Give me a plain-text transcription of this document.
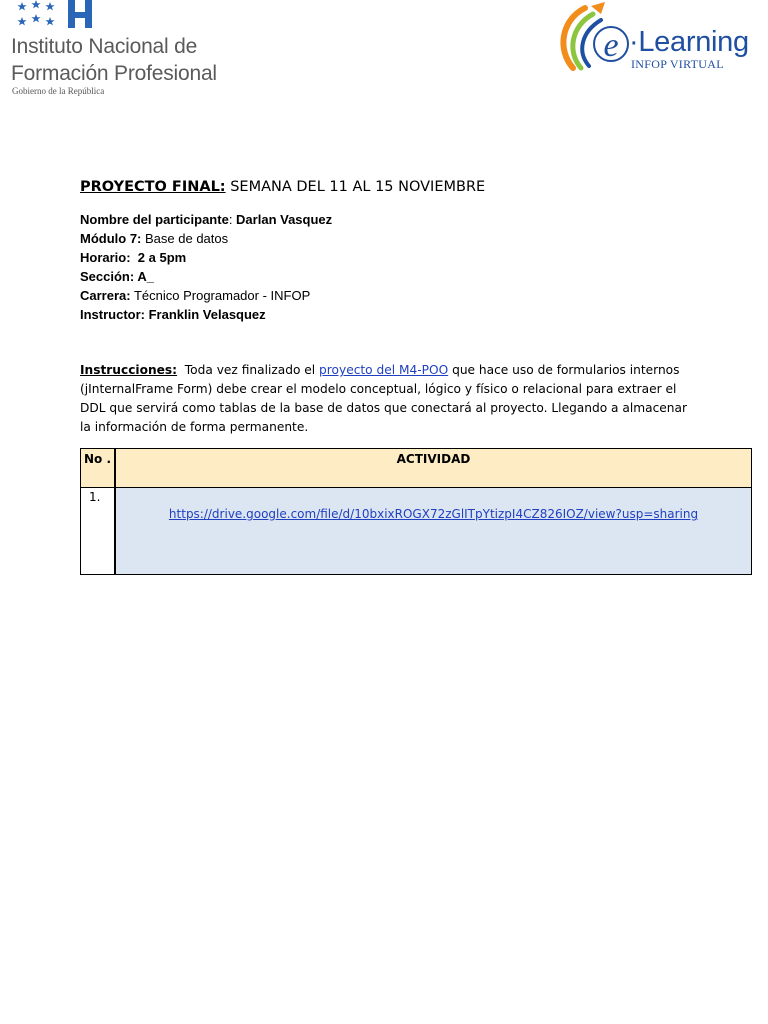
Instituto Nacional de
Formación Profesional
Gobierno de la República
e ·Learning
INFOP VIRTUAL
PROYECTO FINAL: SEMANA DEL 11 AL 15 NOVIEMBRE
Nombre del participante: Darlan Vasquez
Módulo 7: Base de datos
Horario:  2 a 5pm
Sección: A_
Carrera: Técnico Programador - INFOP
Instructor: Franklin Velasquez
Instrucciones:  Toda vez finalizado el proyecto del M4-POO que hace uso de formularios internos (jInternalFrame Form) debe crear el modelo conceptual, lógico y físico o relacional para extraer el DDL que servirá como tablas de la base de datos que conectará al proyecto. Llegando a almacenar la información de forma permanente.
No .	ACTIVIDAD
1.	https://drive.google.com/file/d/10bxixROGX72zGlITpYtizpI4CZ826IOZ/view?usp=sharing
